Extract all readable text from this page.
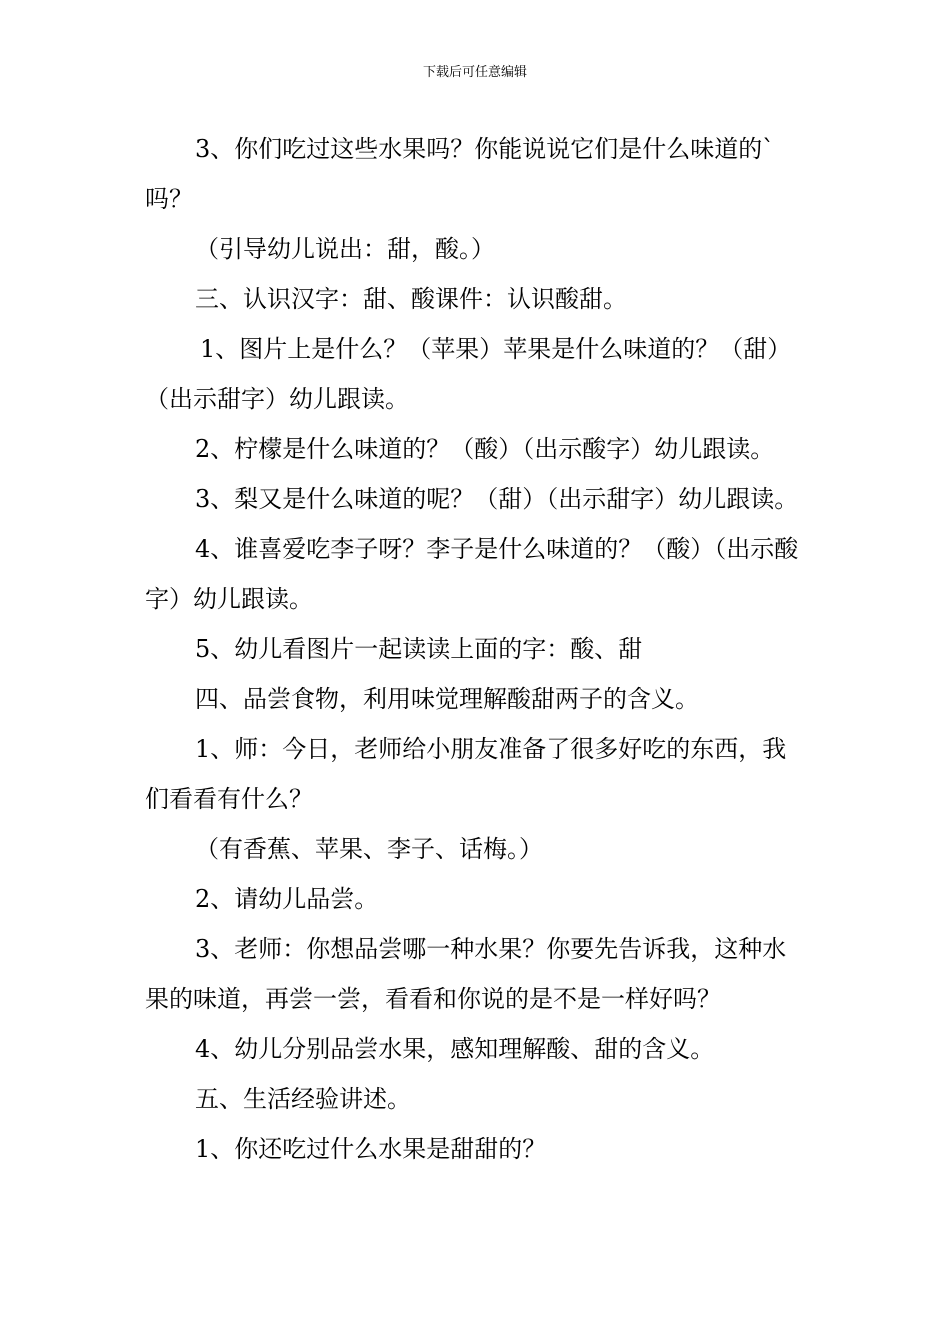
下载后可任意编辑

3、你们吃过这些水果吗？你能说说它们是什么味道的`吗？

（引导幼儿说出：甜，酸。）

三、认识汉字：甜、酸课件：认识酸甜。

1、图片上是什么？（苹果）苹果是什么味道的？（甜）（出示甜字）幼儿跟读。

2、柠檬是什么味道的？（酸）（出示酸字）幼儿跟读。

3、梨又是什么味道的呢？（甜）（出示甜字）幼儿跟读。

4、谁喜爱吃李子呀？李子是什么味道的？（酸）（出示酸字）幼儿跟读。

5、幼儿看图片一起读读上面的字：酸、甜

四、品尝食物，利用味觉理解酸甜两子的含义。

1、师：今日，老师给小朋友准备了很多好吃的东西，我们看看有什么？

（有香蕉、苹果、李子、话梅。）

2、请幼儿品尝。

3、老师：你想品尝哪一种水果？你要先告诉我，这种水果的味道，再尝一尝，看看和你说的是不是一样好吗？

4、幼儿分别品尝水果，感知理解酸、甜的含义。

五、生活经验讲述。

1、你还吃过什么水果是甜甜的？
